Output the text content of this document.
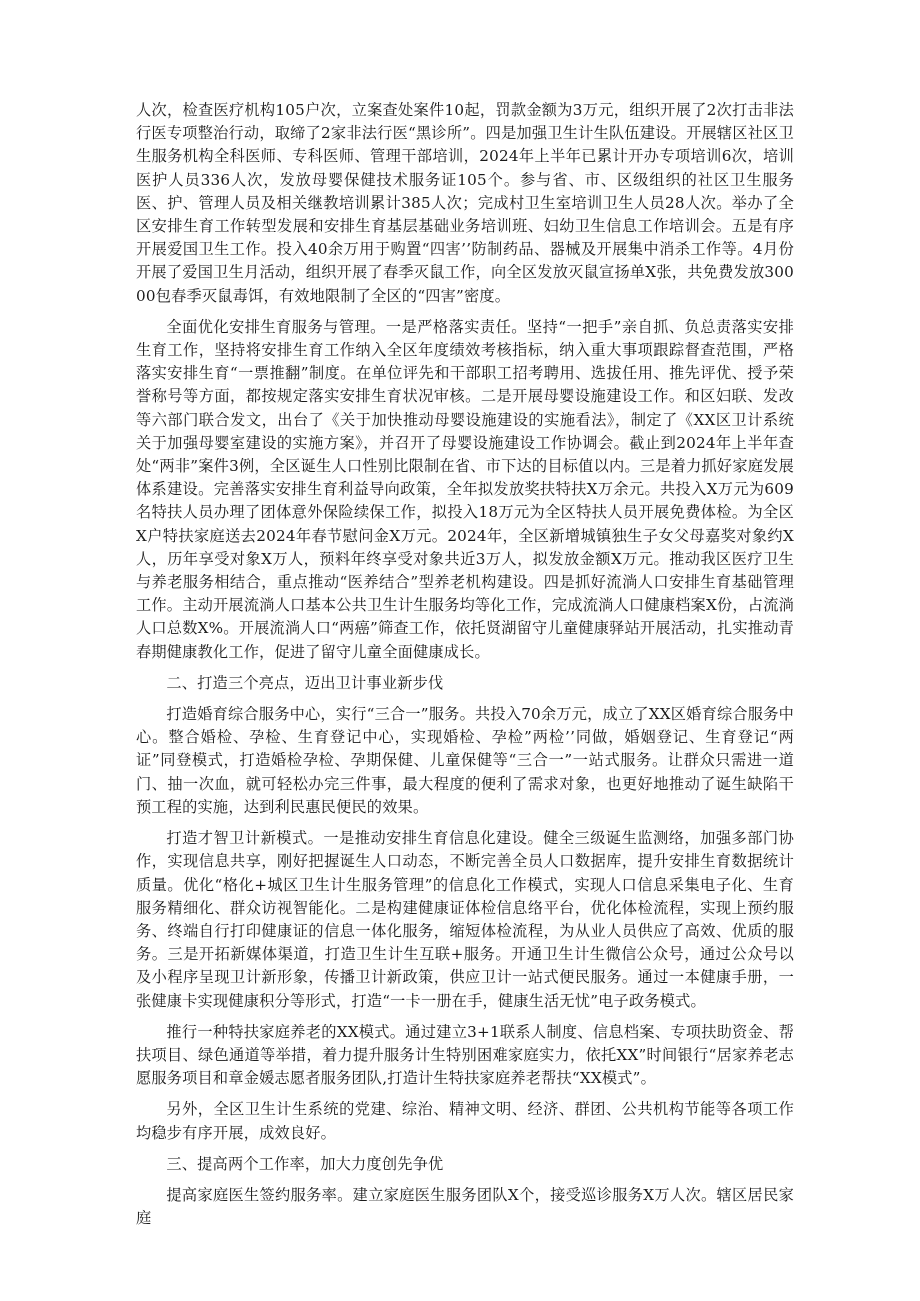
人次，检查医疗机构105户次，立案查处案件10起，罚款金额为3万元，组织开展了2次打击非法行医专项整治行动，取缔了2家非法行医“黑诊所”。四是加强卫生计生队伍建设。开展辖区社区卫生服务机构全科医师、专科医师、管理干部培训，2024年上半年已累计开办专项培训6次，培训医护人员336人次，发放母婴保健技术服务证105个。参与省、市、区级组织的社区卫生服务医、护、管理人员及相关继教培训累计385人次；完成村卫生室培训卫生人员28人次。举办了全区安排生育工作转型发展和安排生育基层基础业务培训班、妇幼卫生信息工作培训会。五是有序开展爱国卫生工作。投入40余万用于购置“四害’’防制药品、器械及开展集中消杀工作等。4月份开展了爱国卫生月活动，组织开展了春季灭鼠工作，向全区发放灭鼠宣扬单X张，共免费发放30000包春季灭鼠毒饵，有效地限制了全区的“四害”密度。

全面优化安排生育服务与管理。一是严格落实责任。坚持“一把手”亲自抓、负总责落实安排生育工作，坚持将安排生育工作纳入全区年度绩效考核指标，纳入重大事项跟踪督查范围，严格落实安排生育“一票推翻”制度。在单位评先和干部职工招考聘用、选拔任用、推先评优、授予荣誉称号等方面，都按规定落实安排生育状况审核。二是开展母婴设施建设工作。和区妇联、发改等六部门联合发文，出台了《关于加快推动母婴设施建设的实施看法》，制定了《XX区卫计系统关于加强母婴室建设的实施方案》，并召开了母婴设施建设工作协调会。截止到2024年上半年查处“两非”案件3例，全区诞生人口性别比限制在省、市下达的目标值以内。三是着力抓好家庭发展体系建设。完善落实安排生育利益导向政策，全年拟发放奖扶特扶X万余元。共投入X万元为609名特扶人员办理了团体意外保险续保工作，拟投入18万元为全区特扶人员开展免费体检。为全区X户特扶家庭送去2024年春节慰问金X万元。2024年，全区新增城镇独生子女父母嘉奖对象约X人，历年享受对象X万人，预料年终享受对象共近3万人，拟发放金额X万元。推动我区医疗卫生与养老服务相结合，重点推动“医养结合”型养老机构建设。四是抓好流淌人口安排生育基础管理工作。主动开展流淌人口基本公共卫生计生服务均等化工作，完成流淌人口健康档案X份，占流淌人口总数X%。开展流淌人口“两癌”筛查工作，依托贤湖留守儿童健康驿站开展活动，扎实推动青春期健康教化工作，促进了留守儿童全面健康成长。

二、打造三个亮点，迈出卫计事业新步伐

打造婚育综合服务中心，实行“三合一”服务。共投入70余万元，成立了XX区婚育综合服务中心。整合婚检、孕检、生育登记中心，实现婚检、孕检”两检’’同做，婚姻登记、生育登记“两证”同登模式，打造婚检孕检、孕期保健、儿童保健等“三合一”一站式服务。让群众只需进一道门、抽一次血，就可轻松办完三件事，最大程度的便利了需求对象，也更好地推动了诞生缺陷干预工程的实施，达到利民惠民便民的效果。

打造才智卫计新模式。一是推动安排生育信息化建设。健全三级诞生监测络，加强多部门协作，实现信息共享，刚好把握诞生人口动态，不断完善全员人口数据库，提升安排生育数据统计质量。优化“格化+城区卫生计生服务管理”的信息化工作模式，实现人口信息采集电子化、生育服务精细化、群众访视智能化。二是构建健康证体检信息络平台，优化体检流程，实现上预约服务、终端自行打印健康证的信息一体化服务，缩短体检流程，为从业人员供应了高效、优质的服务。三是开拓新媒体渠道，打造卫生计生互联+服务。开通卫生计生微信公众号，通过公众号以及小程序呈现卫计新形象，传播卫计新政策，供应卫计一站式便民服务。通过一本健康手册，一张健康卡实现健康积分等形式，打造“一卡一册在手，健康生活无忧”电子政务模式。

推行一种特扶家庭养老的XX模式。通过建立3+1联系人制度、信息档案、专项扶助资金、帮扶项目、绿色通道等举措，着力提升服务计生特别困难家庭实力，依托XX”时间银行“居家养老志愿服务项目和章金媛志愿者服务团队,打造计生特扶家庭养老帮扶“XX模式”。

另外，全区卫生计生系统的党建、综治、精神文明、经济、群团、公共机构节能等各项工作均稳步有序开展，成效良好。

三、提高两个工作率，加大力度创先争优

提高家庭医生签约服务率。建立家庭医生服务团队X个，接受巡诊服务X万人次。辖区居民家庭
